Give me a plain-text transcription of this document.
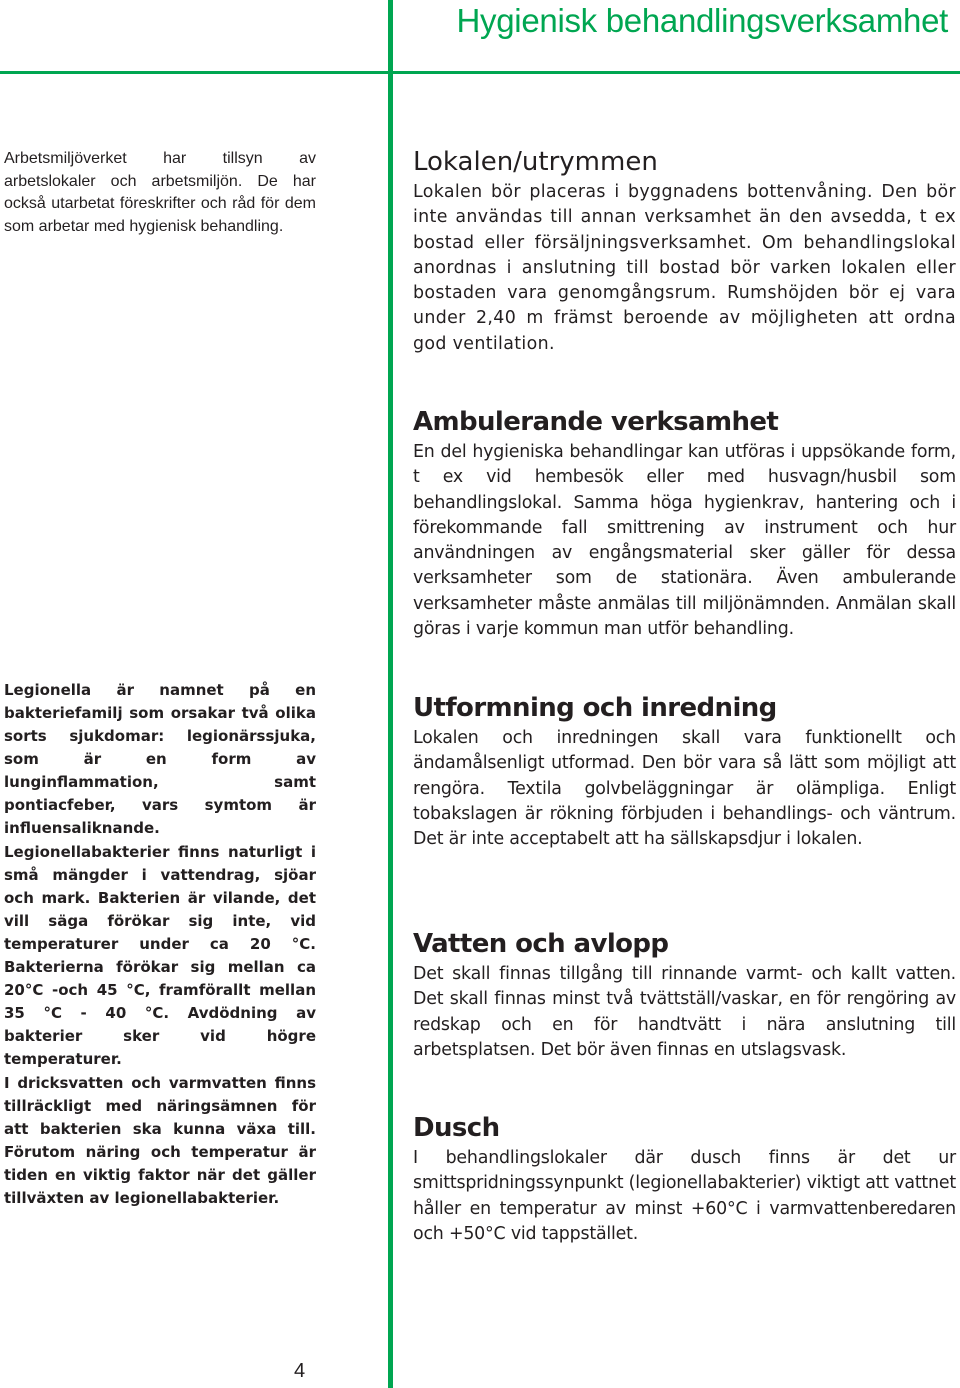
Hygienisk behandlingsverksamhet

Arbetsmiljöverket har tillsyn av arbetslokaler och arbetsmiljön. De har också utarbetat föreskrifter och råd för dem som arbetar med hygienisk behandling.

Legionella är namnet på en bakteriefamilj som orsakar två olika sorts sjukdomar: legionärssjuka, som är en form av lunginflammation, samt pontiacfeber, vars symtom är influensaliknande.

Legionellabakterier finns naturligt i små mängder i vattendrag, sjöar och mark. Bakterien är vilande, det vill säga förökar sig inte, vid temperaturer under ca 20 °C. Bakterierna förökar sig mellan ca 20°C -och 45 °C, framförallt mellan 35 °C - 40 °C. Avdödning av bakterier sker vid högre temperaturer.

I dricksvatten och varmvatten finns tillräckligt med näringsämnen för att bakterien ska kunna växa till. Förutom näring och temperatur är tiden en viktig faktor när det gäller tillväxten av legionellabakterier.

Lokalen/utrymmen

Lokalen bör placeras i byggnadens bottenvåning. Den bör inte användas till annan verksamhet än den avsedda, t ex bostad eller försäljningsverksamhet. Om behandlingslokal anordnas i anslutning till bostad bör varken lokalen eller bostaden vara genomgångsrum. Rumshöjden bör ej vara under 2,40 m främst beroende av möjligheten att ordna god ventilation.

Ambulerande verksamhet

En del hygieniska behandlingar kan utföras i uppsökande form, t ex vid hembesök eller med husvagn/husbil som behandlingslokal. Samma höga hygienkrav, hantering och i förekommande fall smittrening av instrument och hur användningen av engångsmaterial sker gäller för dessa verksamheter som de stationära. Även ambulerande verksamheter måste anmälas till miljönämnden. Anmälan skall göras i varje kommun man utför behandling.

Utformning och inredning

Lokalen och inredningen skall vara funktionellt och ändamålsenligt utformad. Den bör vara så lätt som möjligt att rengöra. Textila golvbeläggningar är olämpliga. Enligt tobakslagen är rökning förbjuden i behandlings- och väntrum. Det är inte acceptabelt att ha sällskapsdjur i lokalen.

Vatten och avlopp

Det skall finnas tillgång till rinnande varmt- och kallt vatten. Det skall finnas minst två tvättställ/vaskar, en för rengöring av redskap och en för handtvätt i nära anslutning till arbetsplatsen. Det bör även finnas en utslagsvask.

Dusch

I behandlingslokaler där dusch finns är det ur smittspridningssynpunkt (legionellabakterier) viktigt att vattnet håller en temperatur av minst +60°C i varmvattenberedaren och +50°C vid tappstället.

4
